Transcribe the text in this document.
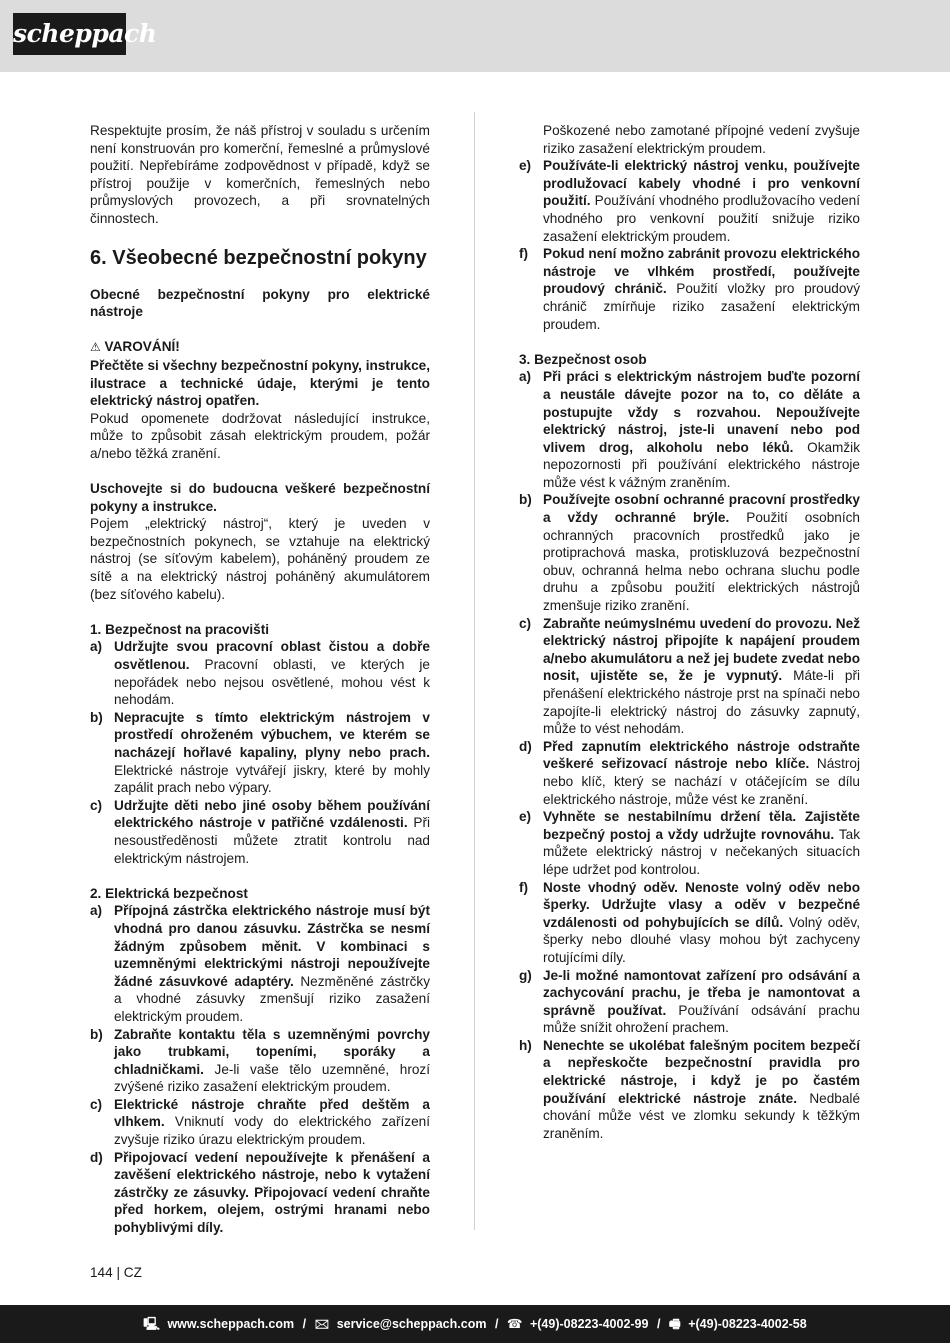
scheppach

Respektujte prosím, že náš přístroj v souladu s určením není konstruován pro komerční, řemeslné a průmyslové použití. Nepřebíráme zodpovědnost v případě, když se přístroj použije v komerčních, řemeslných nebo průmyslových provozech, a při srovnatelných činnostech.

6. Všeobecné bezpečnostní pokyny

Obecné bezpečnostní pokyny pro elektrické nástroje

⚠ VAROVÁNÍ!

Přečtěte si všechny bezpečnostní pokyny, instrukce, ilustrace a technické údaje, kterými je tento elektrický nástroj opatřen.

Pokud opomenete dodržovat následující instrukce, může to způsobit zásah elektrickým proudem, požár a/nebo těžká zranění.

Uschovejte si do budoucna veškeré bezpečnostní pokyny a instrukce.

Pojem „elektrický nástroj“, který je uveden v bezpečnostních pokynech, se vztahuje na elektrický nástroj (se síťovým kabelem), poháněný proudem ze sítě a na elektrický nástroj poháněný akumulátorem (bez síťového kabelu).

1. Bezpečnost na pracovišti

a) Udržujte svou pracovní oblast čistou a dobře osvětlenou. Pracovní oblasti, ve kterých je nepořádek nebo nejsou osvětlené, mohou vést k nehodám.
b) Nepracujte s tímto elektrickým nástrojem v prostředí ohroženém výbuchem, ve kterém se nacházejí hořlavé kapaliny, plyny nebo prach. Elektrické nástroje vytvářejí jiskry, které by mohly zapálit prach nebo výpary.
c) Udržujte děti nebo jiné osoby během používání elektrického nástroje v patřičné vzdálenosti. Při nesoustředěnosti můžete ztratit kontrolu nad elektrickým nástrojem.

2. Elektrická bezpečnost

a) Přípojná zástrčka elektrického nástroje musí být vhodná pro danou zásuvku. Zástrčka se nesmí žádným způsobem měnit. V kombinaci s uzemněnými elektrickými nástroji nepoužívejte žádné zásuvkové adaptéry. Nezměněné zástrčky a vhodné zásuvky zmenšují riziko zasažení elektrickým proudem.
b) Zabraňte kontaktu těla s uzemněnými povrchy jako trubkami, topeními, sporáky a chladničkami. Je-li vaše tělo uzemněné, hrozí zvýšené riziko zasažení elektrickým proudem.
c) Elektrické nástroje chraňte před deštěm a vlhkem. Vniknutí vody do elektrického zařízení zvyšuje riziko úrazu elektrickým proudem.
d) Připojovací vedení nepoužívejte k přenášení a zavěšení elektrického nástroje, nebo k vytažení zástrčky ze zásuvky. Připojovací vedení chraňte před horkem, olejem, ostrými hranami nebo pohyblivými díly.

Poškozené nebo zamotané přípojné vedení zvyšuje riziko zasažení elektrickým proudem.

e) Používáte-li elektrický nástroj venku, používejte prodlužovací kabely vhodné i pro venkovní použití. Používání vhodného prodlužovacího vedení vhodného pro venkovní použití snižuje riziko zasažení elektrickým proudem.
f) Pokud není možno zabránit provozu elektrického nástroje ve vlhkém prostředí, používejte proudový chránič. Použití vložky pro proudový chránič zmírňuje riziko zasažení elektrickým proudem.

3. Bezpečnost osob

a) Při práci s elektrickým nástrojem buďte pozorní a neustále dávejte pozor na to, co děláte a postupujte vždy s rozvahou. Nepoužívejte elektrický nástroj, jste-li unavení nebo pod vlivem drog, alkoholu nebo léků. Okamžik nepozornosti při používání elektrického nástroje může vést k vážným zraněním.
b) Používejte osobní ochranné pracovní prostředky a vždy ochranné brýle. Použití osobních ochranných pracovních prostředků jako je protiprachová maska, protiskluzová bezpečnostní obuv, ochranná helma nebo ochrana sluchu podle druhu a způsobu použití elektrických nástrojů zmenšuje riziko zranění.
c) Zabraňte neúmyslnému uvedení do provozu. Než elektrický nástroj připojíte k napájení proudem a/nebo akumulátoru a než jej budete zvedat nebo nosit, ujistěte se, že je vypnutý. Máte-li při přenášení elektrického nástroje prst na spínači nebo zapojíte-li elektrický nástroj do zásuvky zapnutý, může to vést nehodám.
d) Před zapnutím elektrického nástroje odstraňte veškeré seřizovací nástroje nebo klíče. Nástroj nebo klíč, který se nachází v otáčejícím se dílu elektrického nástroje, může vést ke zranění.
e) Vyhněte se nestabilnímu držení těla. Zajistěte bezpečný postoj a vždy udržujte rovnováhu. Tak můžete elektrický nástroj v nečekaných situacích lépe udržet pod kontrolou.
f) Noste vhodný oděv. Nenoste volný oděv nebo šperky. Udržujte vlasy a oděv v bezpečné vzdálenosti od pohybujících se dílů. Volný oděv, šperky nebo dlouhé vlasy mohou být zachyceny rotujícími díly.
g) Je-li možné namontovat zařízení pro odsávání a zachycování prachu, je třeba je namontovat a správně používat. Používání odsávání prachu může snížit ohrožení prachem.
h) Nenechte se ukolébat falešným pocitem bezpečí a nepřeskočte bezpečnostní pravidla pro elektrické nástroje, i když je po častém používání elektrické nástroje znáte. Nedbalé chování může vést ve zlomku sekundy k těžkým zraněním.
144 | CZ
🖳 www.scheppach.com / 🖂 service@scheppach.com / ☎ +(49)-08223-4002-99 / 🖷 +(49)-08223-4002-58
